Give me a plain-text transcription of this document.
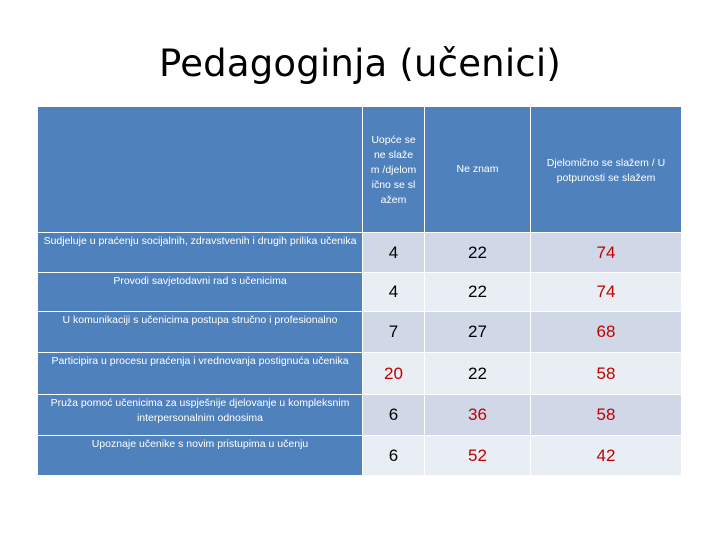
Pedagoginja (učenici)

	Uopće se ne slažem /djelomično se slažem	Ne znam	Djelomično se slažem / U potpunosti se slažem

Sudjeluje u praćenju socijalnih, zdravstvenih i drugih prilika učenika	4	22	74

Provodi savjetodavni rad s učenicima	4	22	74

U komunikaciji s učenicima postupa stručno i profesionalno	7	27	68

Participira u procesu praćenja i vrednovanja postignuća učenika	20	22	58

Pruža pomoć učenicima za uspješnije djelovanje u kompleksnim interpersonalnim odnosima	6	36	58

Upoznaje učenike s novim pristupima u učenju	6	52	42
